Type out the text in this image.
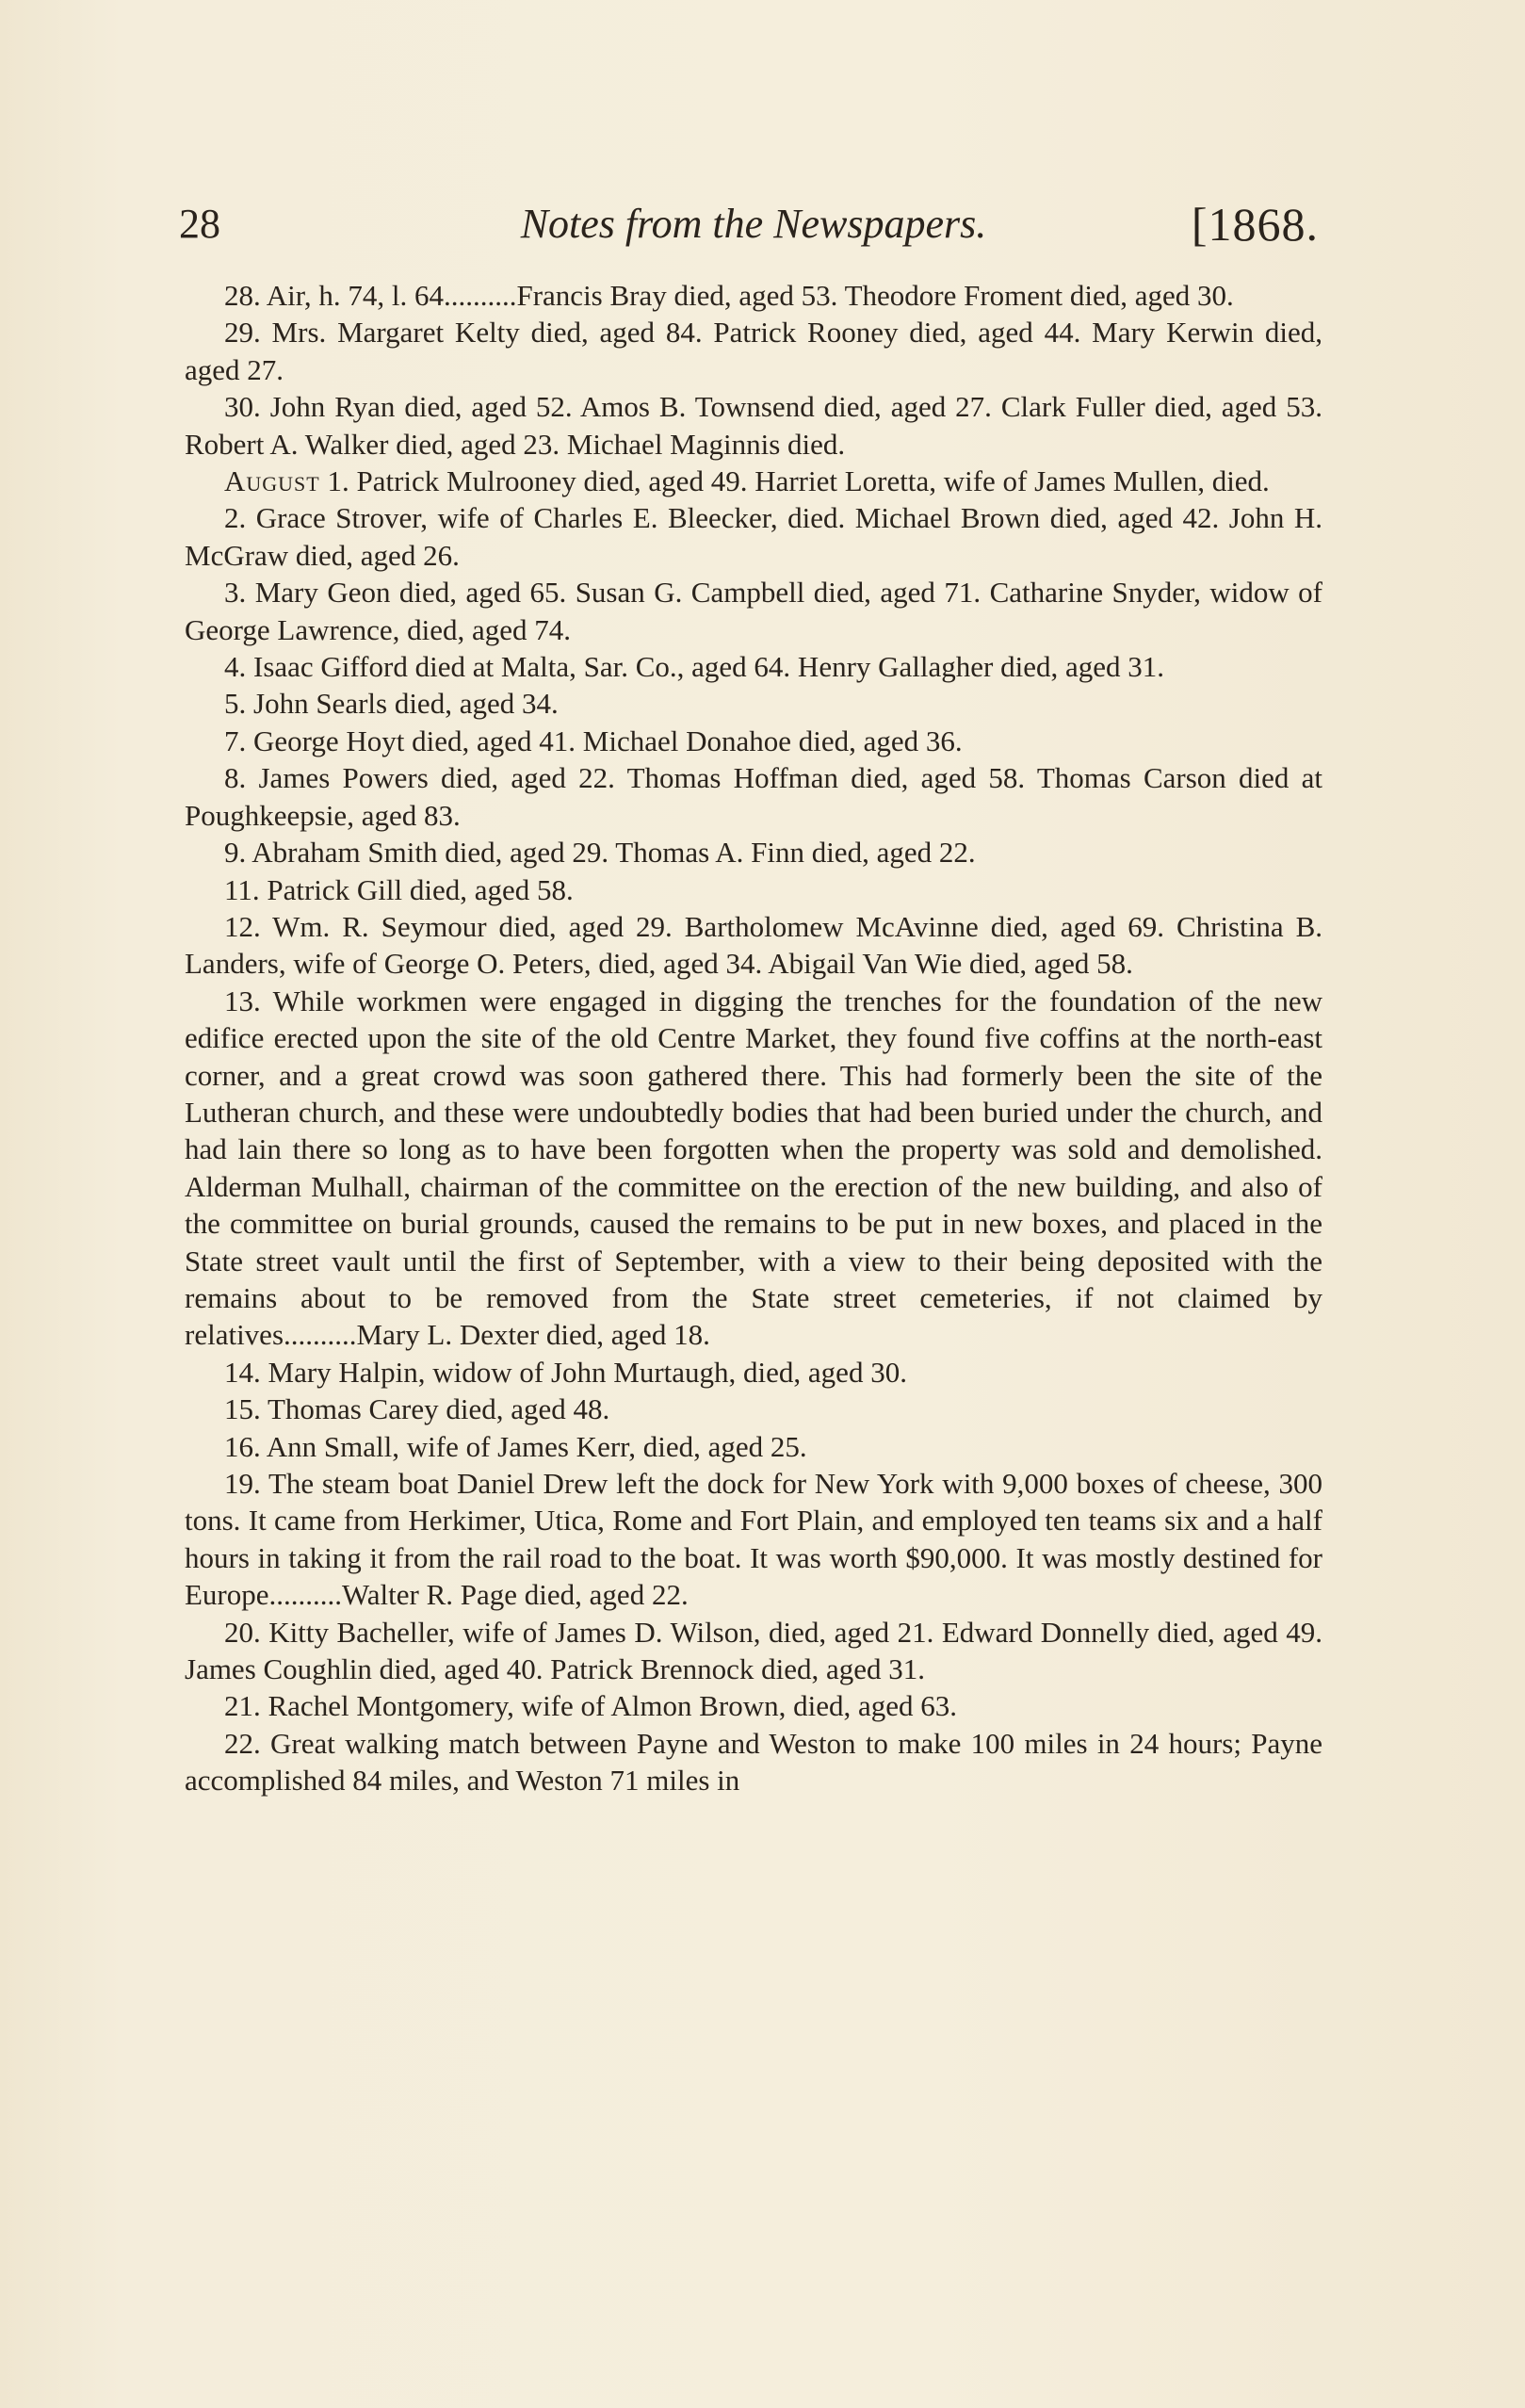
28	Notes from the Newspapers.	[1868.

28. Air, h. 74, l. 64..........Francis Bray died, aged 53. Theodore Froment died, aged 30.

29. Mrs. Margaret Kelty died, aged 84. Patrick Rooney died, aged 44. Mary Kerwin died, aged 27.

30. John Ryan died, aged 52. Amos B. Townsend died, aged 27. Clark Fuller died, aged 53. Robert A. Walker died, aged 23. Michael Maginnis died.

August 1. Patrick Mulrooney died, aged 49. Harriet Loretta, wife of James Mullen, died.

2. Grace Strover, wife of Charles E. Bleecker, died. Michael Brown died, aged 42. John H. McGraw died, aged 26.

3. Mary Geon died, aged 65. Susan G. Campbell died, aged 71. Catharine Snyder, widow of George Lawrence, died, aged 74.

4. Isaac Gifford died at Malta, Sar. Co., aged 64. Henry Gallagher died, aged 31.

5. John Searls died, aged 34.

7. George Hoyt died, aged 41. Michael Donahoe died, aged 36.

8. James Powers died, aged 22. Thomas Hoffman died, aged 58. Thomas Carson died at Poughkeepsie, aged 83.

9. Abraham Smith died, aged 29. Thomas A. Finn died, aged 22.

11. Patrick Gill died, aged 58.

12. Wm. R. Seymour died, aged 29. Bartholomew McAvinne died, aged 69. Christina B. Landers, wife of George O. Peters, died, aged 34. Abigail Van Wie died, aged 58.

13. While workmen were engaged in digging the trenches for the foundation of the new edifice erected upon the site of the old Centre Market, they found five coffins at the north-east corner, and a great crowd was soon gathered there. This had formerly been the site of the Lutheran church, and these were undoubtedly bodies that had been buried under the church, and had lain there so long as to have been forgotten when the property was sold and demolished. Alderman Mulhall, chairman of the committee on the erection of the new building, and also of the committee on burial grounds, caused the remains to be put in new boxes, and placed in the State street vault until the first of September, with a view to their being deposited with the remains about to be removed from the State street cemeteries, if not claimed by relatives..........Mary L. Dexter died, aged 18.

14. Mary Halpin, widow of John Murtaugh, died, aged 30.

15. Thomas Carey died, aged 48.

16. Ann Small, wife of James Kerr, died, aged 25.

19. The steam boat Daniel Drew left the dock for New York with 9,000 boxes of cheese, 300 tons. It came from Herkimer, Utica, Rome and Fort Plain, and employed ten teams six and a half hours in taking it from the rail road to the boat. It was worth $90,000. It was mostly destined for Europe..........Walter R. Page died, aged 22.

20. Kitty Bacheller, wife of James D. Wilson, died, aged 21. Edward Donnelly died, aged 49. James Coughlin died, aged 40. Patrick Brennock died, aged 31.

21. Rachel Montgomery, wife of Almon Brown, died, aged 63.

22. Great walking match between Payne and Weston to make 100 miles in 24 hours; Payne accomplished 84 miles, and Weston 71 miles in
